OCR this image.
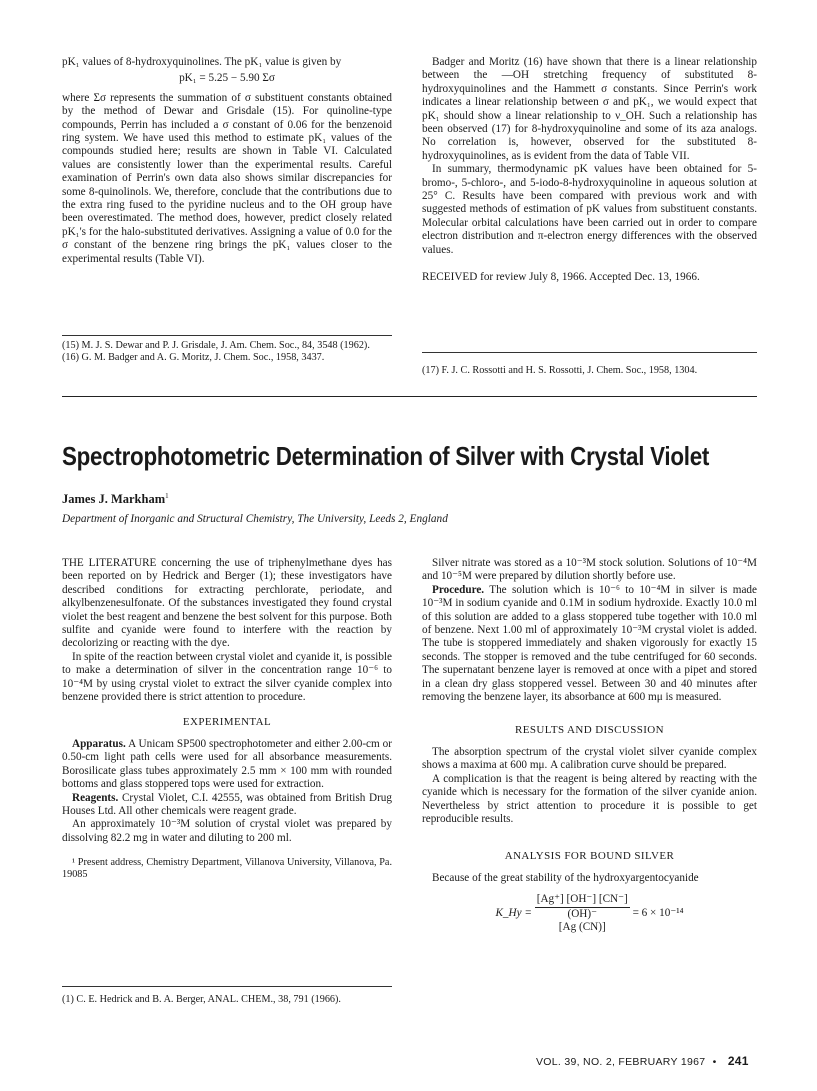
pK₁ values of 8-hydroxyquinolines. The pK₁ value is given by

pK₁ = 5.25 − 5.90 Σσ

where Σσ represents the summation of σ substituent constants obtained by the method of Dewar and Grisdale (15). For quinoline-type compounds, Perrin has included a σ constant of 0.06 for the benzenoid ring system. We have used this method to estimate pK₁ values of the compounds studied here; results are shown in Table VI. Calculated values are consistently lower than the experimental results. Careful examination of Perrin's own data also shows similar discrepancies for some 8-quinolinols. We, therefore, conclude that the contributions due to the extra ring fused to the pyridine nucleus and to the OH group have been overestimated. The method does, however, predict closely related pK₁'s for the halo-substituted derivatives. Assigning a value of 0.0 for the σ constant of the benzene ring brings the pK₁ values closer to the experimental results (Table VI).

Badger and Moritz (16) have shown that there is a linear relationship between the —OH stretching frequency of substituted 8-hydroxyquinolines and the Hammett σ constants. Since Perrin's work indicates a linear relationship between σ and pK₁, we would expect that pK₁ should show a linear relationship to ν_OH. Such a relationship has been observed (17) for 8-hydroxyquinoline and some of its aza analogs. No correlation is, however, observed for the substituted 8-hydroxyquinolines, as is evident from the data of Table VII.

In summary, thermodynamic pK values have been obtained for 5-bromo-, 5-chloro-, and 5-iodo-8-hydroxyquinoline in aqueous solution at 25° C. Results have been compared with previous work and with suggested methods of estimation of pK values from substituent constants. Molecular orbital calculations have been carried out in order to compare electron distribution and π-electron energy differences with the observed values.

RECEIVED for review July 8, 1966. Accepted Dec. 13, 1966.

(15) M. J. S. Dewar and P. J. Grisdale, J. Am. Chem. Soc., 84, 3548 (1962).
(16) G. M. Badger and A. G. Moritz, J. Chem. Soc., 1958, 3437.
(17) F. J. C. Rossotti and H. S. Rossotti, J. Chem. Soc., 1958, 1304.
Spectrophotometric Determination of Silver with Crystal Violet
James J. Markham$^1$
Department of Inorganic and Structural Chemistry, The University, Leeds 2, England

THE LITERATURE concerning the use of triphenylmethane dyes has been reported on by Hedrick and Berger (1); these investigators have described conditions for extracting perchlorate, periodate, and alkylbenzenesulfonate. Of the substances investigated they found crystal violet the best reagent and benzene the best solvent for this purpose. Both sulfite and cyanide were found to interfere with the reaction by decolorizing or reacting with the dye.

In spite of the reaction between crystal violet and cyanide it, is possible to make a determination of silver in the concentration range 10⁻⁶ to 10⁻⁴M by using crystal violet to extract the silver cyanide complex into benzene provided there is strict attention to procedure.

EXPERIMENTAL

Apparatus. A Unicam SP500 spectrophotometer and either 2.00-cm or 0.50-cm light path cells were used for all absorbance measurements. Borosilicate glass tubes approximately 2.5 mm × 100 mm with rounded bottoms and glass stoppered tops were used for extraction.

Reagents. Crystal Violet, C.I. 42555, was obtained from British Drug Houses Ltd. All other chemicals were reagent grade.

An approximately 10⁻³M solution of crystal violet was prepared by dissolving 82.2 mg in water and diluting to 200 ml.

¹ Present address, Chemistry Department, Villanova University, Villanova, Pa. 19085

(1) C. E. Hedrick and B. A. Berger, ANAL. CHEM., 38, 791 (1966).

Silver nitrate was stored as a 10⁻³M stock solution. Solutions of 10⁻⁴M and 10⁻⁵M were prepared by dilution shortly before use.

Procedure. The solution which is 10⁻⁶ to 10⁻⁴M in silver is made 10⁻³M in sodium cyanide and 0.1M in sodium hydroxide. Exactly 10.0 ml of this solution are added to a glass stoppered tube together with 10.0 ml of benzene. Next 1.00 ml of approximately 10⁻³M crystal violet is added. The tube is stoppered immediately and shaken vigorously for exactly 15 seconds. The stopper is removed and the tube centrifuged for 60 seconds. The supernatant benzene layer is removed at once with a pipet and stored in a clean dry glass stoppered vessel. Between 30 and 40 minutes after removing the benzene layer, its absorbance at 600 mμ is measured.

RESULTS AND DISCUSSION

The absorption spectrum of the crystal violet silver cyanide complex shows a maxima at 600 mμ. A calibration curve should be prepared.

A complication is that the reagent is being altered by reacting with the cyanide which is necessary for the formation of the silver cyanide anion. Nevertheless by strict attention to procedure it is possible to get reproducible results.

ANALYSIS FOR BOUND SILVER

Because of the great stability of the hydroxyargentocyanide

K_Hy =
[Ag⁺] [OH⁻] [CN⁻]
(OH)⁻
[Ag (CN)]
= 6 × 10⁻¹⁴
VOL. 39, NO. 2, FEBRUARY 1967 • 241
